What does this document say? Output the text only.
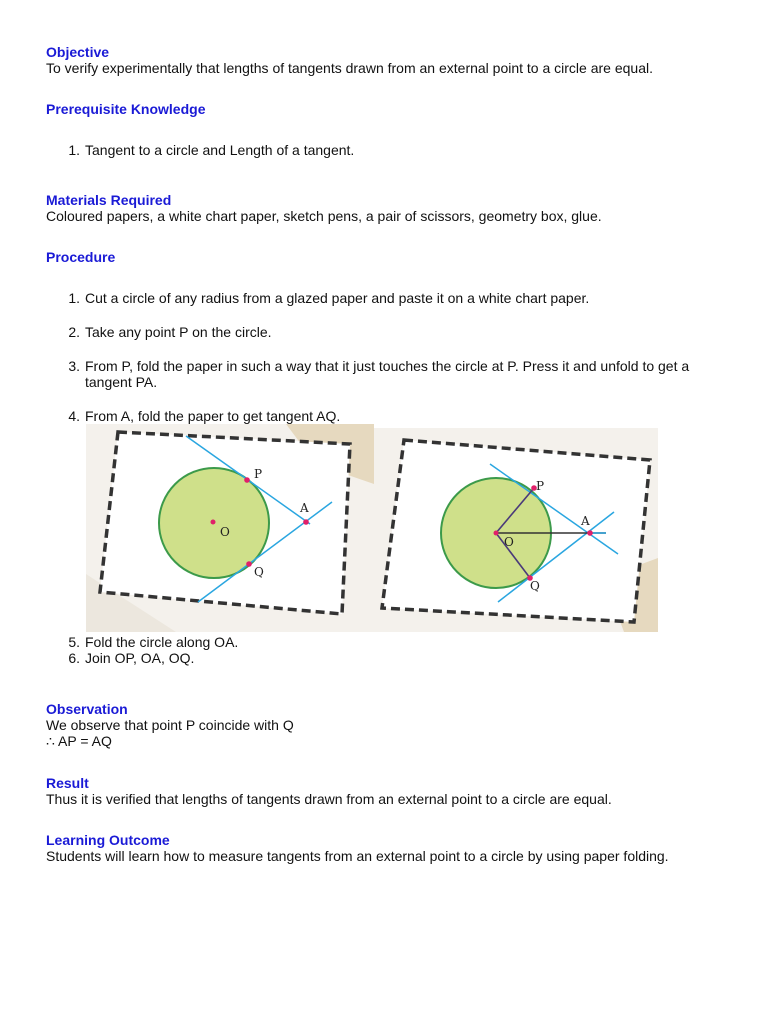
Objective
To verify experimentally that lengths of tangents drawn from an external point to a circle are equal.
Prerequisite Knowledge
1. Tangent to a circle and Length of a tangent.
Materials Required
Coloured papers, a white chart paper, sketch pens, a pair of scissors, geometry box, glue.
Procedure
1. Cut a circle of any radius from a glazed paper and paste it on a white chart paper.
2. Take any point P on the circle.
3. From P, fold the paper in such a way that it just touches the circle at P. Press it and unfold to get a tangent PA.
4. From A, fold the paper to get tangent AQ.
5. Fold the circle along OA.
6. Join OP, OA, OQ.
Observation
We observe that point P coincide with Q
∴ AP = AQ
Result
Thus it is verified that lengths of tangents drawn from an external point to a circle are equal.
Learning Outcome
Students will learn how to measure tangents from an external point to a circle by using paper folding.
P
A
O
Q
P
A
O
Q
